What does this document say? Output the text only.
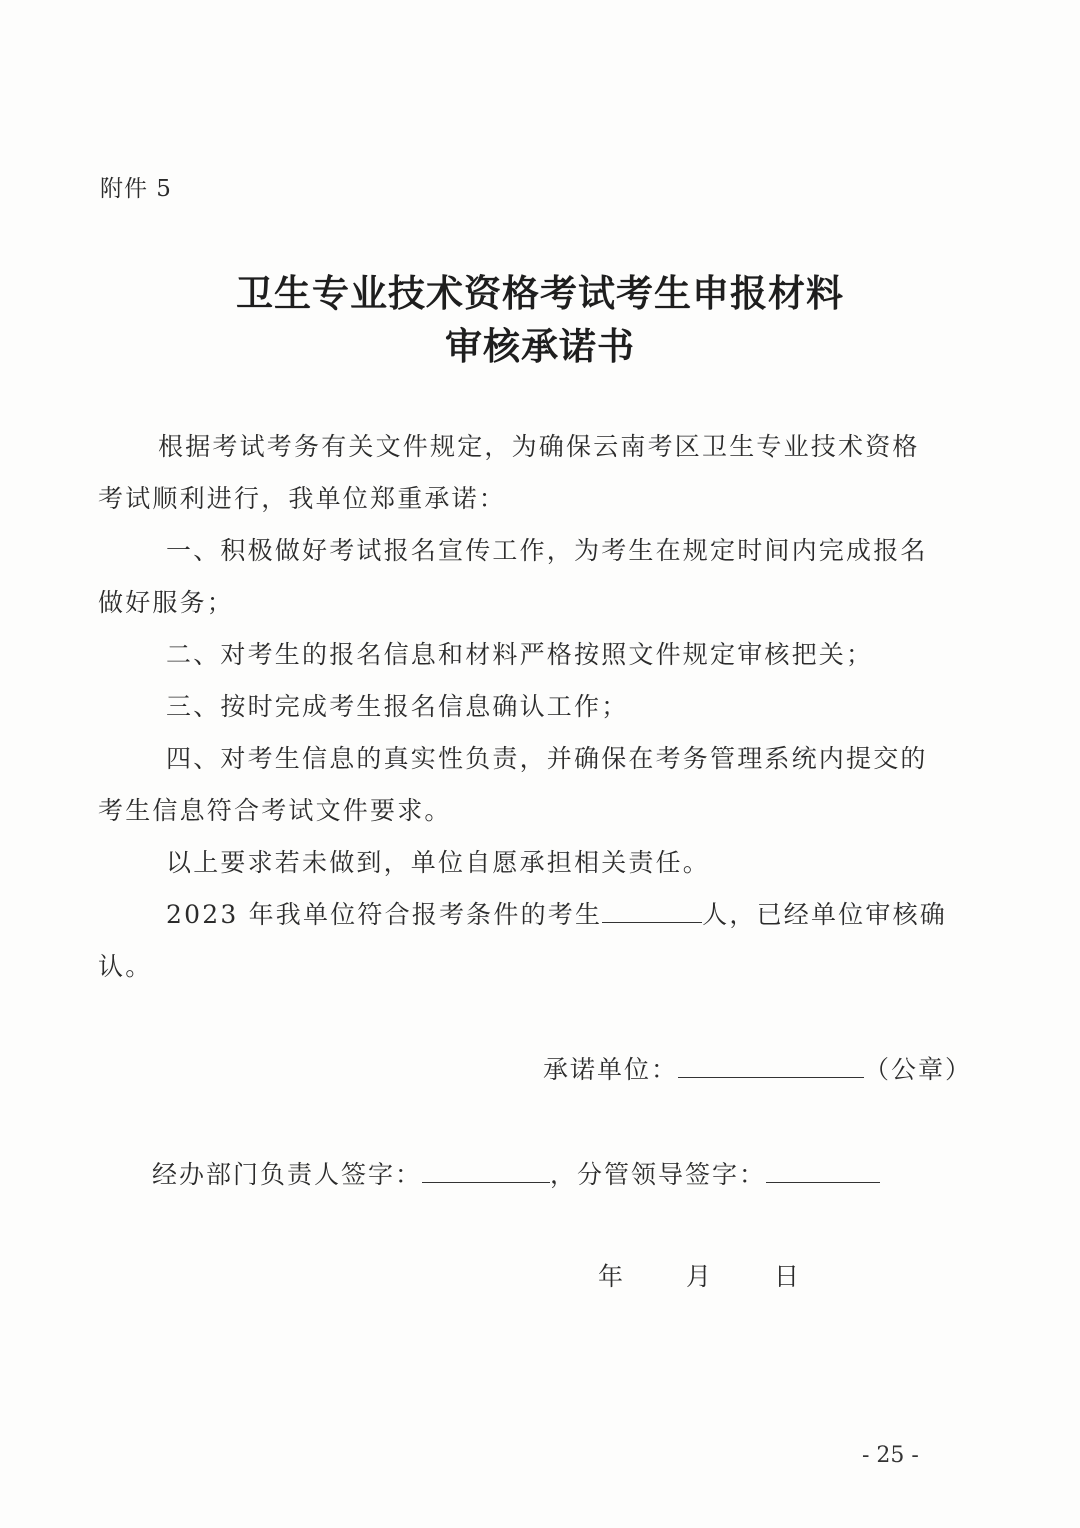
附件 5
卫生专业技术资格考试考生申报材料
审核承诺书
根据考试考务有关文件规定，为确保云南考区卫生专业技术资格
考试顺利进行，我单位郑重承诺：
一、积极做好考试报名宣传工作，为考生在规定时间内完成报名
做好服务；
二、对考生的报名信息和材料严格按照文件规定审核把关；
三、按时完成考生报名信息确认工作；
四、对考生信息的真实性负责，并确保在考务管理系统内提交的
考生信息符合考试文件要求。
以上要求若未做到，单位自愿承担相关责任。
2023 年我单位符合报考条件的考生	人，已经单位审核确
认。
承诺单位：	（公章）
经办部门负责人签字：	，分管领导签字：
年	月	日
- 25 -
